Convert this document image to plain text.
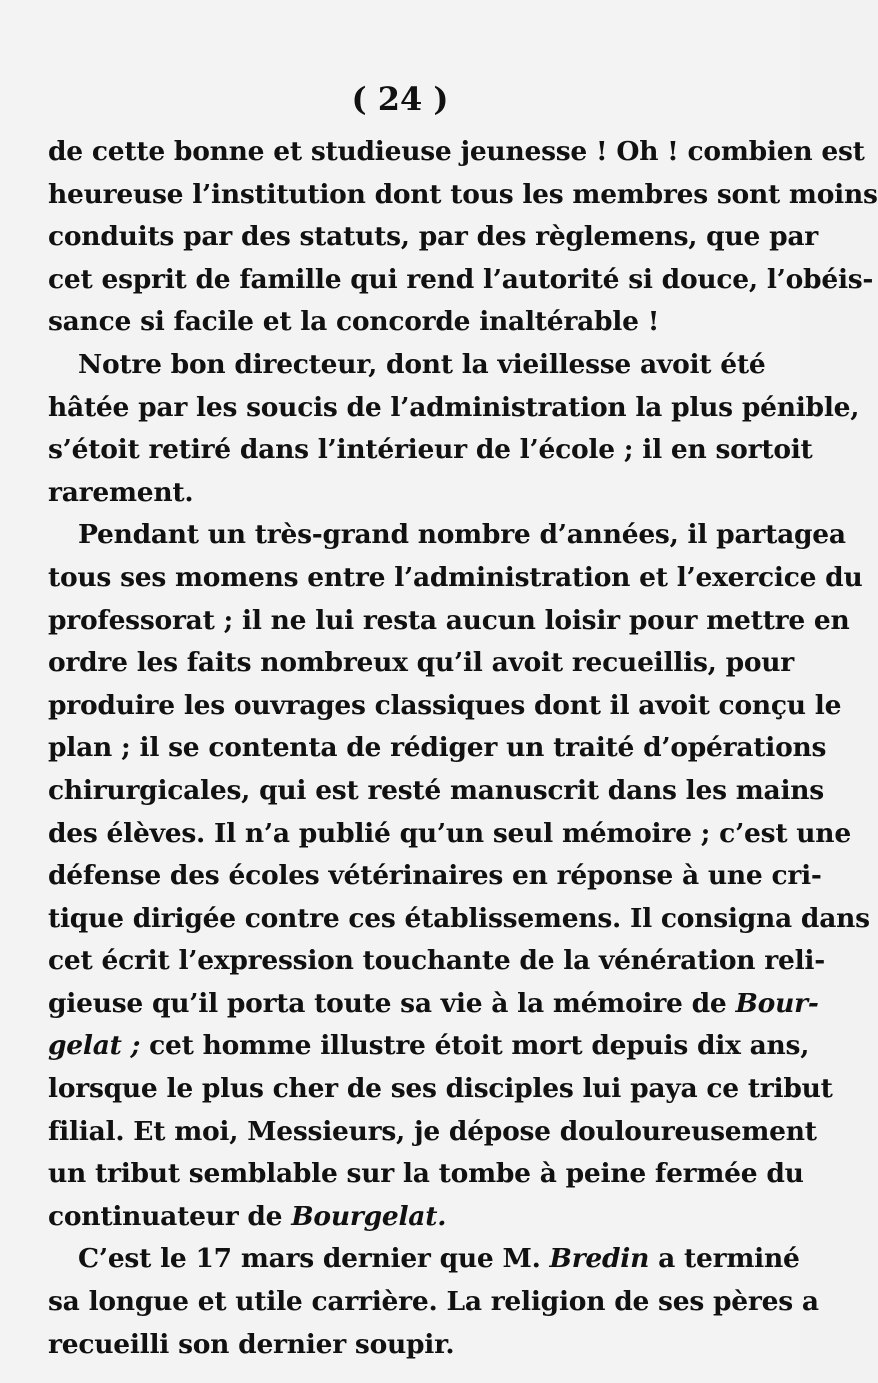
( 24 )
de cette bonne et studieuse jeunesse ! Oh ! combien est
heureuse l’institution dont tous les membres sont moins
conduits par des statuts, par des règlemens, que par
cet esprit de famille qui rend l’autorité si douce, l’obéis-
sance si facile et la concorde inaltérable !
Notre bon directeur, dont la vieillesse avoit été
hâtée par les soucis de l’administration la plus pénible,
s’étoit retiré dans l’intérieur de l’école ; il en sortoit
rarement.
Pendant un très-grand nombre d’années, il partagea
tous ses momens entre l’administration et l’exercice du
professorat ; il ne lui resta aucun loisir pour mettre en
ordre les faits nombreux qu’il avoit recueillis, pour
produire les ouvrages classiques dont il avoit conçu le
plan ; il se contenta de rédiger un traité d’opérations
chirurgicales, qui est resté manuscrit dans les mains
des élèves. Il n’a publié qu’un seul mémoire ; c’est une
défense des écoles vétérinaires en réponse à une cri-
tique dirigée contre ces établissemens. Il consigna dans
cet écrit l’expression touchante de la vénération reli-
gieuse qu’il porta toute sa vie à la mémoire de Bour-
gelat ; cet homme illustre étoit mort depuis dix ans,
lorsque le plus cher de ses disciples lui paya ce tribut
filial. Et moi, Messieurs, je dépose douloureusement
un tribut semblable sur la tombe à peine fermée du
continuateur de Bourgelat.
C’est le 17 mars dernier que M. Bredin a terminé
sa longue et utile carrière. La religion de ses pères a
recueilli son dernier soupir.
